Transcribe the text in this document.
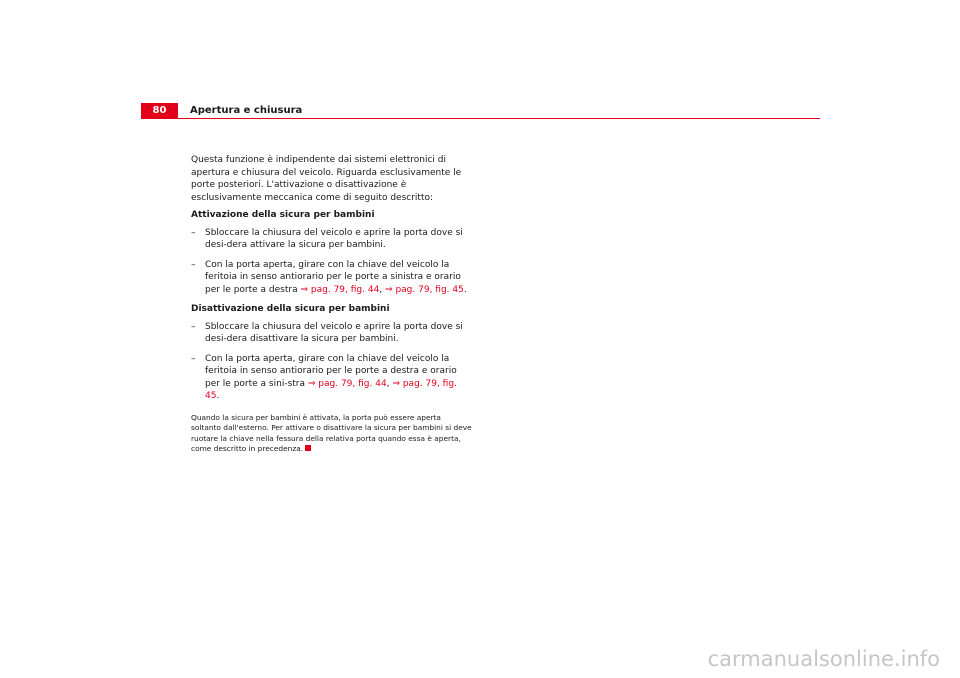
80	Apertura e chiusura

Questa funzione è indipendente dai sistemi elettronici di apertura e chiusura del veicolo. Riguarda esclusivamente le porte posteriori. L'attivazione o disattivazione è esclusivamente meccanica come di seguito descritto:

Attivazione della sicura per bambini

– Sbloccare la chiusura del veicolo e aprire la porta dove si desi-dera attivare la sicura per bambini.
– Con la porta aperta, girare con la chiave del veicolo la feritoia in senso antiorario per le porte a sinistra e orario per le porte a destra ⇒ pag. 79, fig. 44, ⇒ pag. 79, fig. 45.

Disattivazione della sicura per bambini

– Sbloccare la chiusura del veicolo e aprire la porta dove si desi-dera disattivare la sicura per bambini.
– Con la porta aperta, girare con la chiave del veicolo la feritoia in senso antiorario per le porte a destra e orario per le porte a sini-stra ⇒ pag. 79, fig. 44, ⇒ pag. 79, fig. 45.

Quando la sicura per bambini è attivata, la porta può essere aperta soltanto dall'esterno. Per attivare o disattivare la sicura per bambini si deve ruotare la chiave nella fessura della relativa porta quando essa è aperta, come descritto in precedenza.

carmanualsonline.info
